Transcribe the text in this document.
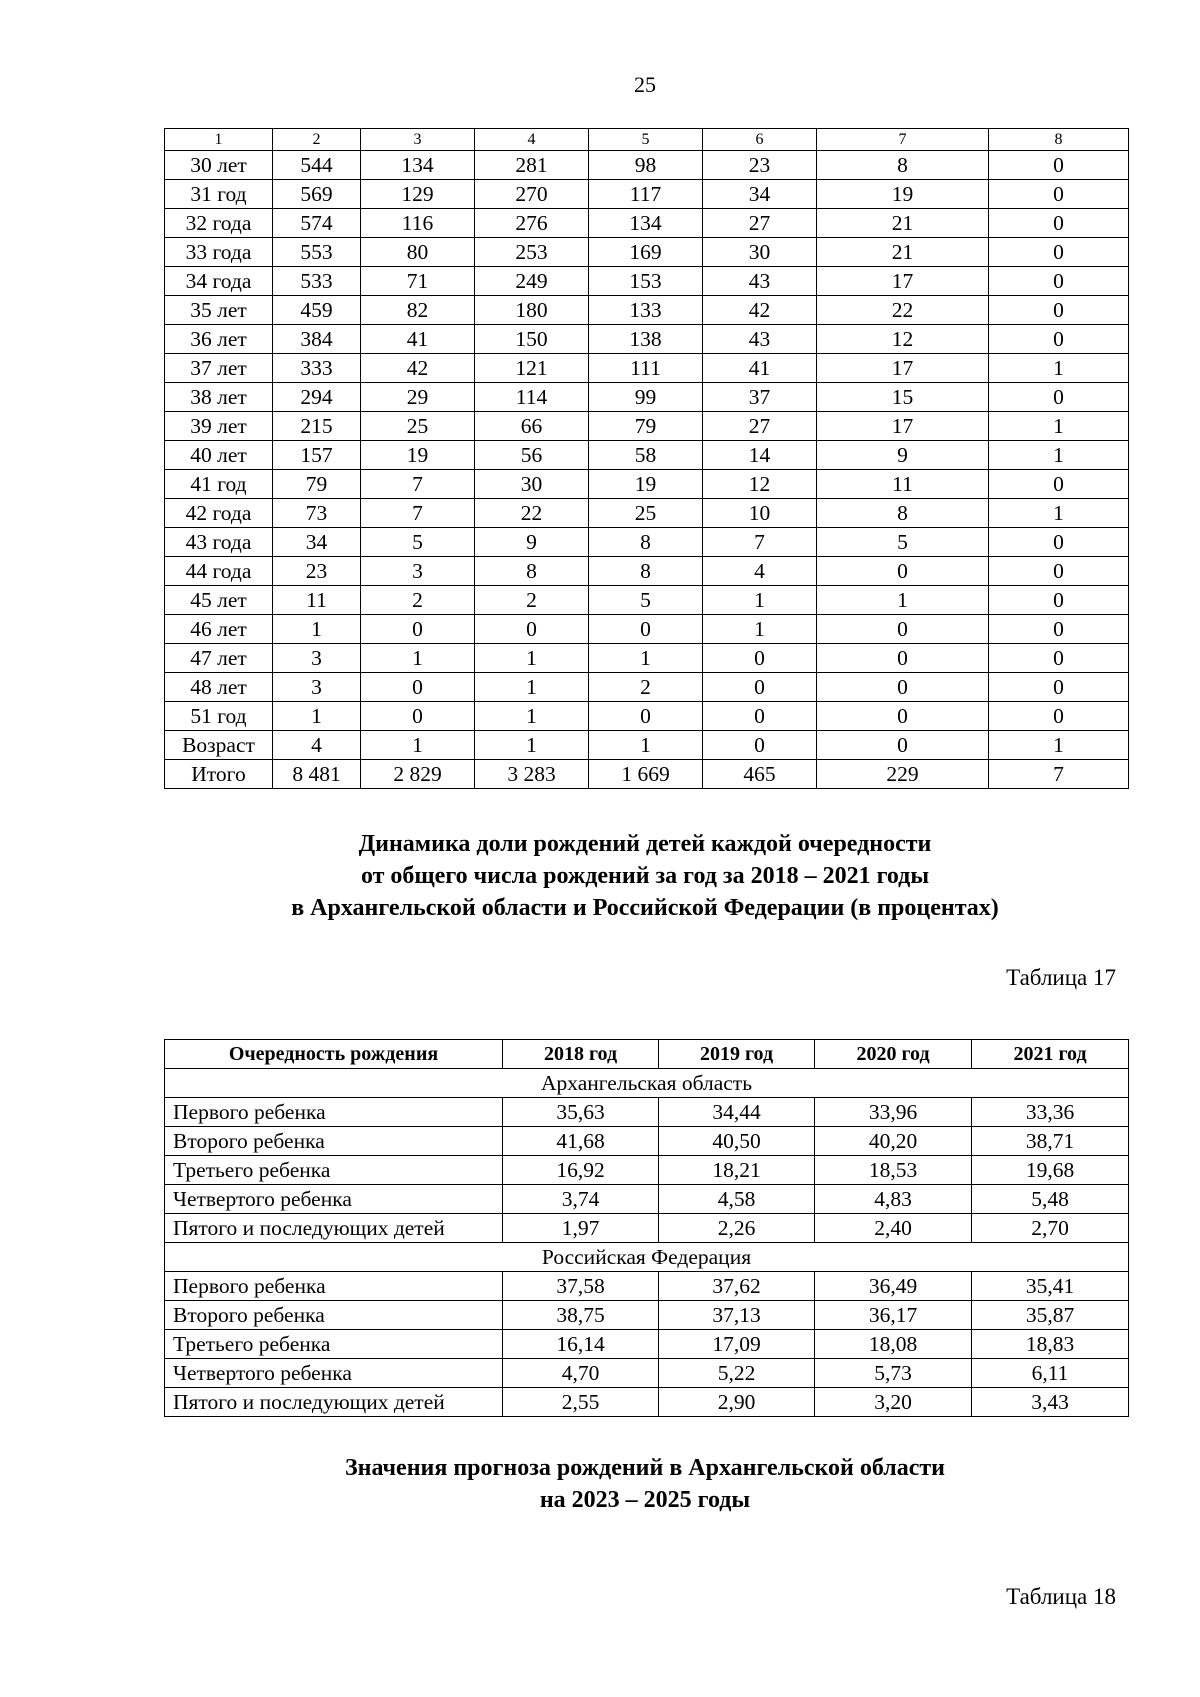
25
1	2	3	4	5	6	7	8
30 лет	544	134	281	98	23	8	0
31 год	569	129	270	117	34	19	0
32 года	574	116	276	134	27	21	0
33 года	553	80	253	169	30	21	0
34 года	533	71	249	153	43	17	0
35 лет	459	82	180	133	42	22	0
36 лет	384	41	150	138	43	12	0
37 лет	333	42	121	111	41	17	1
38 лет	294	29	114	99	37	15	0
39 лет	215	25	66	79	27	17	1
40 лет	157	19	56	58	14	9	1
41 год	79	7	30	19	12	11	0
42 года	73	7	22	25	10	8	1
43 года	34	5	9	8	7	5	0
44 года	23	3	8	8	4	0	0
45 лет	11	2	2	5	1	1	0
46 лет	1	0	0	0	1	0	0
47 лет	3	1	1	1	0	0	0
48 лет	3	0	1	2	0	0	0
51 год	1	0	1	0	0	0	0
Возраст	4	1	1	1	0	0	1
Итого	8 481	2 829	3 283	1 669	465	229	7
Динамика доли рождений детей каждой очередности
от общего числа рождений за год за 2018 – 2021 годы
в Архангельской области и Российской Федерации (в процентах)
Таблица 17
Очередность рождения	2018 год	2019 год	2020 год	2021 год
Архангельская область				
Первого ребенка	35,63	34,44	33,96	33,36
Второго ребенка	41,68	40,50	40,20	38,71
Третьего ребенка	16,92	18,21	18,53	19,68
Четвертого ребенка	3,74	4,58	4,83	5,48
Пятого и последующих детей	1,97	2,26	2,40	2,70
Российская Федерация				
Первого ребенка	37,58	37,62	36,49	35,41
Второго ребенка	38,75	37,13	36,17	35,87
Третьего ребенка	16,14	17,09	18,08	18,83
Четвертого ребенка	4,70	5,22	5,73	6,11
Пятого и последующих детей	2,55	2,90	3,20	3,43
Значения прогноза рождений в Архангельской области
на 2023 – 2025 годы
Таблица 18
